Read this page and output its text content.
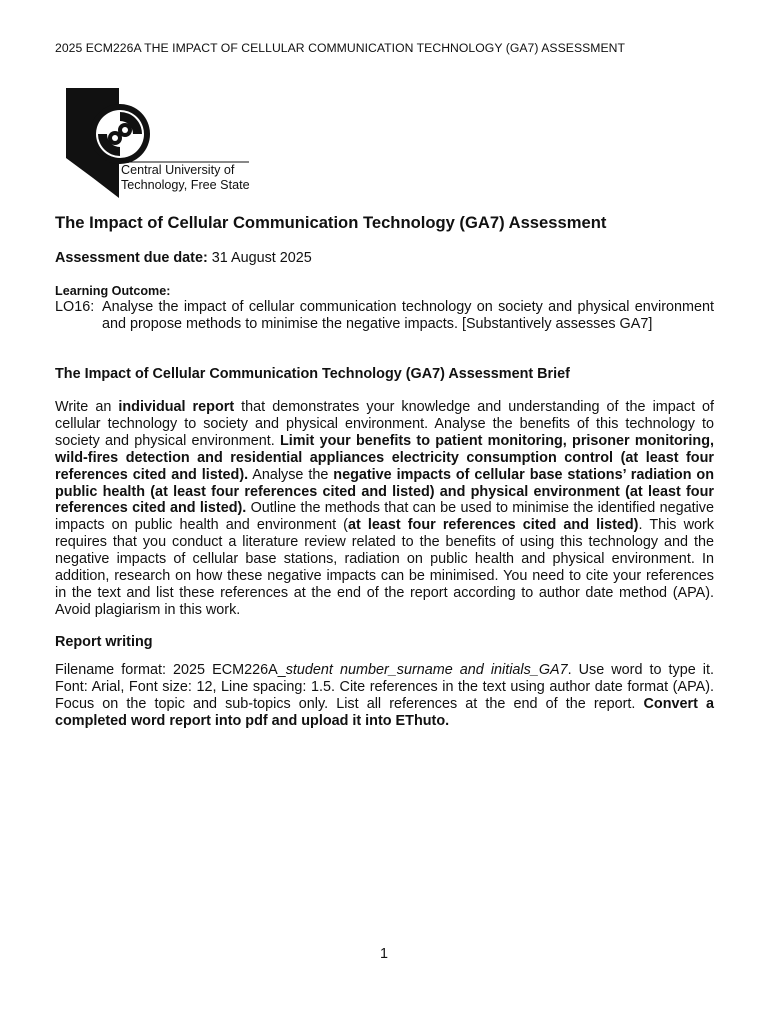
2025 ECM226A THE IMPACT OF CELLULAR COMMUNICATION TECHNOLOGY (GA7) ASSESSMENT
Central University of
Technology, Free State
The Impact of Cellular Communication Technology (GA7) Assessment
Assessment due date: 31 August 2025
Learning Outcome:
LO16: Analyse the impact of cellular communication technology on society and physical environment and propose methods to minimise the negative impacts. [Substantively assesses GA7]
The Impact of Cellular Communication Technology (GA7) Assessment Brief

Write an individual report that demonstrates your knowledge and understanding of the impact of cellular technology to society and physical environment. Analyse the benefits of this technology to society and physical environment. Limit your benefits to patient monitoring, prisoner monitoring, wild-fires detection and residential appliances electricity consumption control (at least four references cited and listed). Analyse the negative impacts of cellular base stations’ radiation on public health (at least four references cited and listed) and physical environment (at least four references cited and listed). Outline the methods that can be used to minimise the identified negative impacts on public health and environment (at least four references cited and listed). This work requires that you conduct a literature review related to the benefits of using this technology and the negative impacts of cellular base stations, radiation on public health and physical environment. In addition, research on how these negative impacts can be minimised. You need to cite your references in the text and list these references at the end of the report according to author date method (APA). Avoid plagiarism in this work.

Report writing

Filename format: 2025 ECM226A_student number_surname and initials_GA7. Use word to type it. Font: Arial, Font size: 12, Line spacing: 1.5. Cite references in the text using author date format (APA). Focus on the topic and sub-topics only. List all references at the end of the report. Convert a completed word report into pdf and upload it into EThuto.

1
